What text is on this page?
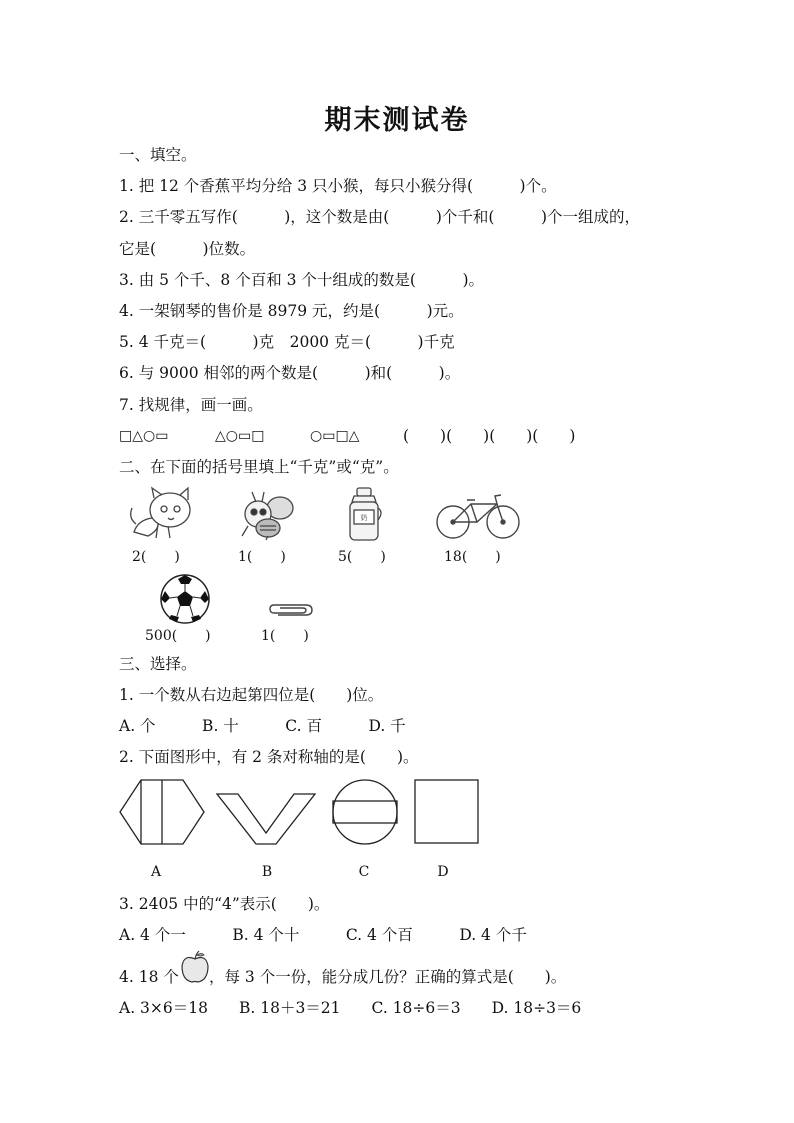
期末测试卷
一、填空。
1. 把 12 个香蕉平均分给 3 只小猴，每只小猴分得(　　　)个。
2. 三千零五写作(　　　)，这个数是由(　　　)个千和(　　　)个一组成的，
它是(　　　)位数。
3. 由 5 个千、8 个百和 3 个十组成的数是(　　　)。
4. 一架钢琴的售价是 8979 元，约是(　　　)元。
5. 4 千克＝(　　　)克　2000 克＝(　　　)千克
6. 与 9000 相邻的两个数是(　　　)和(　　　)。
7. 找规律，画一画。
□△○▭	△○▭□	○▭□△	(　　)(　　)(　　)(　　)
二、在下面的括号里填上“千克”或“克”。
2(　　)	1(　　)
奶
5(　　)	18(　　)
500(　　)	1(　　)
三、选择。
1. 一个数从右边起第四位是(　　)位。
A. 个　　　B. 十　　　C. 百　　　D. 千
2. 下面图形中，有 2 条对称轴的是(　　)。
A	B	C	D
3. 2405 中的“4”表示(　　)。
A. 4 个一　　　B. 4 个十　　　C. 4 个百　　　D. 4 个千
4. 18 个 ，每 3 个一份，能分成几份？正确的算式是(　　)。
A. 3×6＝18　　B. 18＋3＝21　　C. 18÷6＝3　　D. 18÷3＝6
